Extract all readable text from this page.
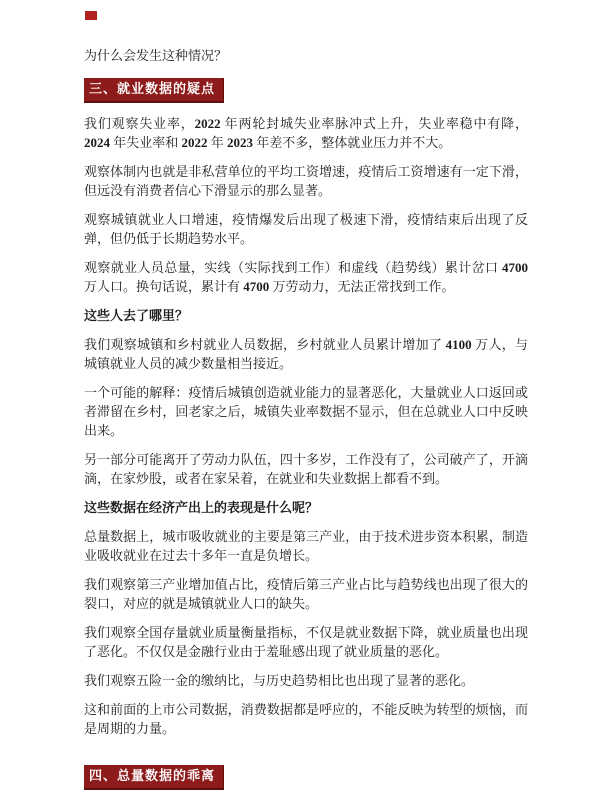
为什么会发生这种情况？

三、就业数据的疑点

我们观察失业率，2022 年两轮封城失业率脉冲式上升，失业率稳中有降，2024 年失业率和 2022 年 2023 年差不多，整体就业压力并不大。

观察体制内也就是非私营单位的平均工资增速，疫情后工资增速有一定下滑，但远没有消费者信心下滑显示的那么显著。

观察城镇就业人口增速，疫情爆发后出现了极速下滑，疫情结束后出现了反弹，但仍低于长期趋势水平。

观察就业人员总量，实线（实际找到工作）和虚线（趋势线）累计岔口 4700 万人口。换句话说，累计有 4700 万劳动力，无法正常找到工作。

这些人去了哪里？

我们观察城镇和乡村就业人员数据，乡村就业人员累计增加了 4100 万人，与城镇就业人员的减少数量相当接近。

一个可能的解释：疫情后城镇创造就业能力的显著恶化，大量就业人口返回或者滞留在乡村，回老家之后，城镇失业率数据不显示，但在总就业人口中反映出来。

另一部分可能离开了劳动力队伍，四十多岁，工作没有了，公司破产了，开滴滴，在家炒股，或者在家呆着，在就业和失业数据上都看不到。

这些数据在经济产出上的表现是什么呢？

总量数据上，城市吸收就业的主要是第三产业，由于技术进步资本积累，制造业吸收就业在过去十多年一直是负增长。

我们观察第三产业增加值占比，疫情后第三产业占比与趋势线也出现了很大的裂口，对应的就是城镇就业人口的缺失。

我们观察全国存量就业质量衡量指标，不仅是就业数据下降，就业质量也出现了恶化。不仅仅是金融行业由于羞耻感出现了就业质量的恶化。

我们观察五险一金的缴纳比，与历史趋势相比也出现了显著的恶化。

这和前面的上市公司数据，消费数据都是呼应的，不能反映为转型的烦恼，而是周期的力量。

四、总量数据的乖离
